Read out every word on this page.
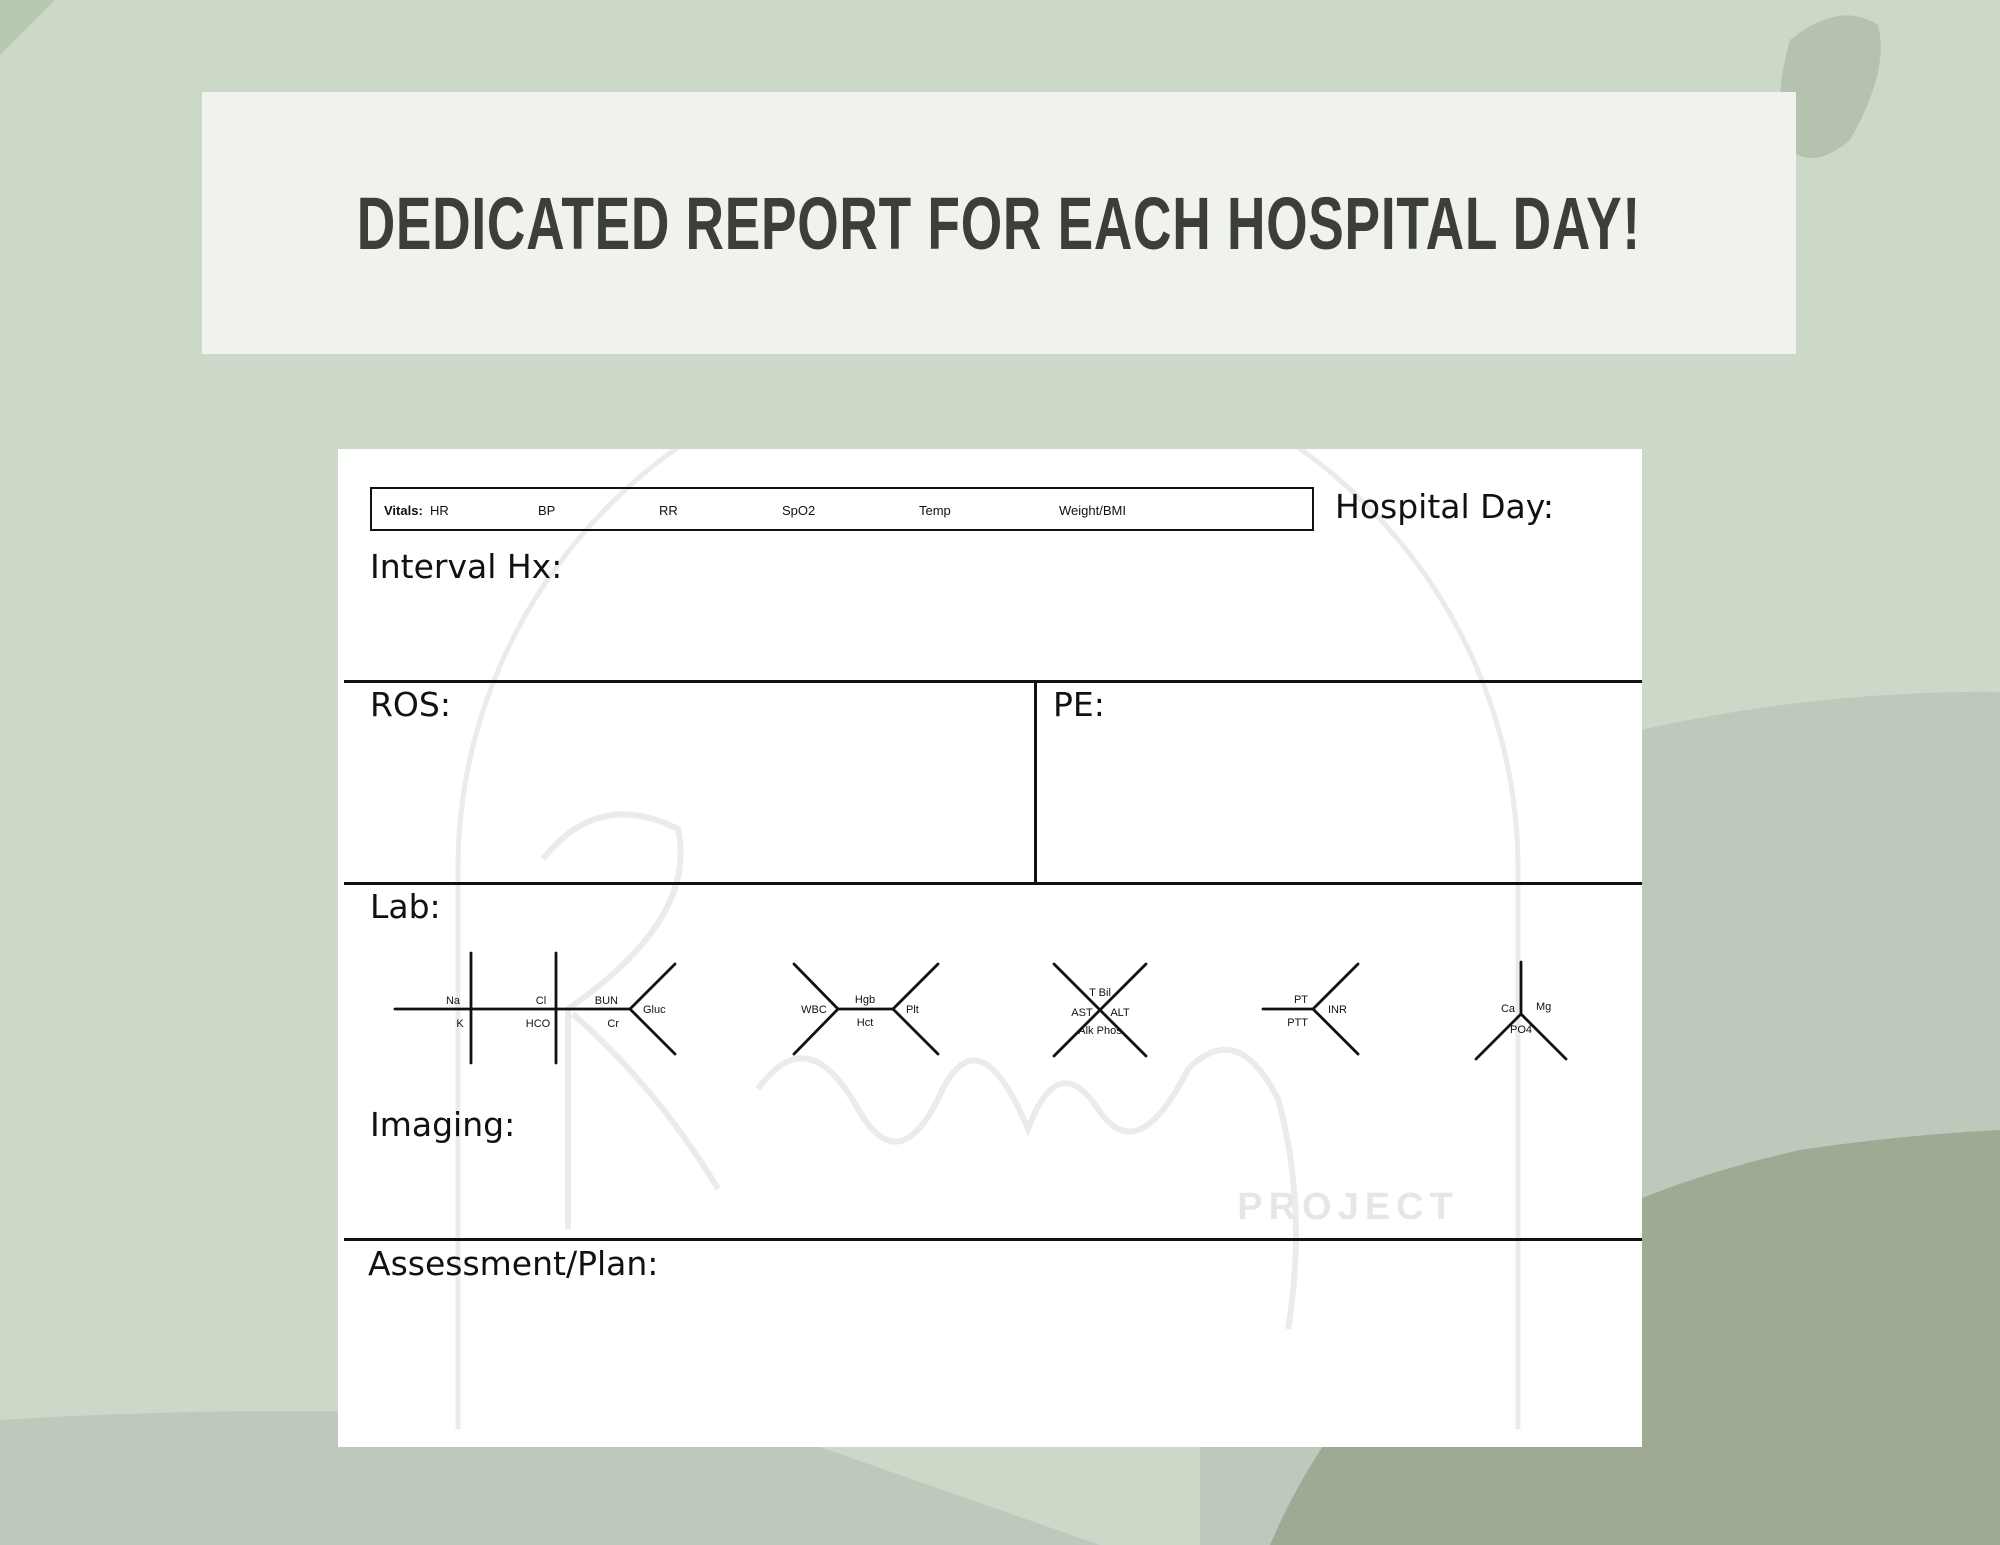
DEDICATED REPORT FOR EACH HOSPITAL DAY!
PROJECT
Vitals: HR	BP	RR	SpO2	Temp	Weight/BMI	Hospital Day:
Interval Hx:
ROS:	PE:
Lab:
Na	Cl	BUN
K	HCO	Cr
Gluc	WBC
Hgb
Hct
Plt
T Bil
AST ALT
Alk Phos
PT
PTT
INR	Ca Mg
PO4
Imaging:
Assessment/Plan:
